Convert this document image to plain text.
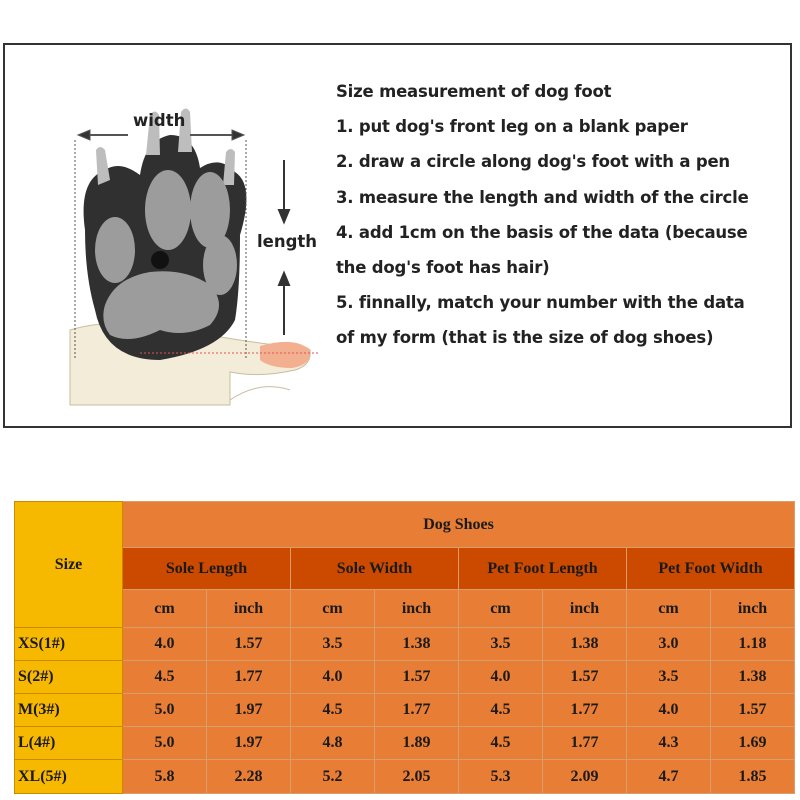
width
length
Size measurement of dog foot
1. put dog's front leg on a blank paper
2. draw a circle along dog's foot with a pen
3. measure the length and width of the circle
4. add 1cm on the basis of the data (because
the dog's foot has hair)
5. finnally, match your number with the data
of my form (that is the size of dog shoes)
Size	Dog Shoes							
	Sole Length		Sole Width		Pet Foot Length		Pet Foot Width	
	cm	inch	cm	inch	cm	inch	cm	inch
XS(1#)	4.0	1.57	3.5	1.38	3.5	1.38	3.0	1.18
S(2#)	4.5	1.77	4.0	1.57	4.0	1.57	3.5	1.38
M(3#)	5.0	1.97	4.5	1.77	4.5	1.77	4.0	1.57
L(4#)	5.0	1.97	4.8	1.89	4.5	1.77	4.3	1.69
XL(5#)	5.8	2.28	5.2	2.05	5.3	2.09	4.7	1.85
